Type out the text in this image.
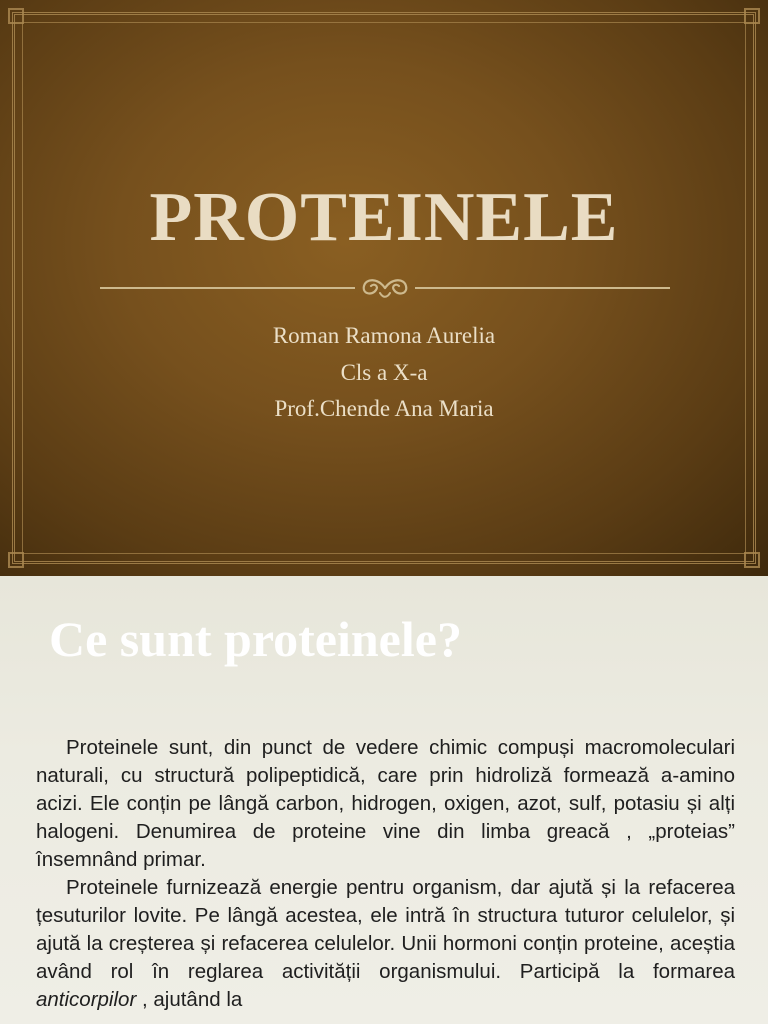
PROTEINELE
Roman Ramona Aurelia
Cls a X-a
Prof.Chende Ana Maria
Ce sunt proteinele?

Proteinele sunt, din punct de vedere chimic compuși macromoleculari naturali, cu structură polipeptidică, care prin hidroliză formează a-amino acizi. Ele conțin pe lângă carbon, hidrogen, oxigen, azot, sulf, potasiu și alți halogeni. Denumirea de proteine vine din limba greacă , „proteias” însemnând primar.

Proteinele furnizează energie pentru organism, dar ajută și la refacerea țesuturilor lovite. Pe lângă acestea, ele intră în structura tuturor celulelor, și ajută la creșterea și refacerea celulelor. Unii hormoni conțin proteine, aceștia având rol în reglarea activității organismului. Participă la formarea anticorpilor , ajutând la
